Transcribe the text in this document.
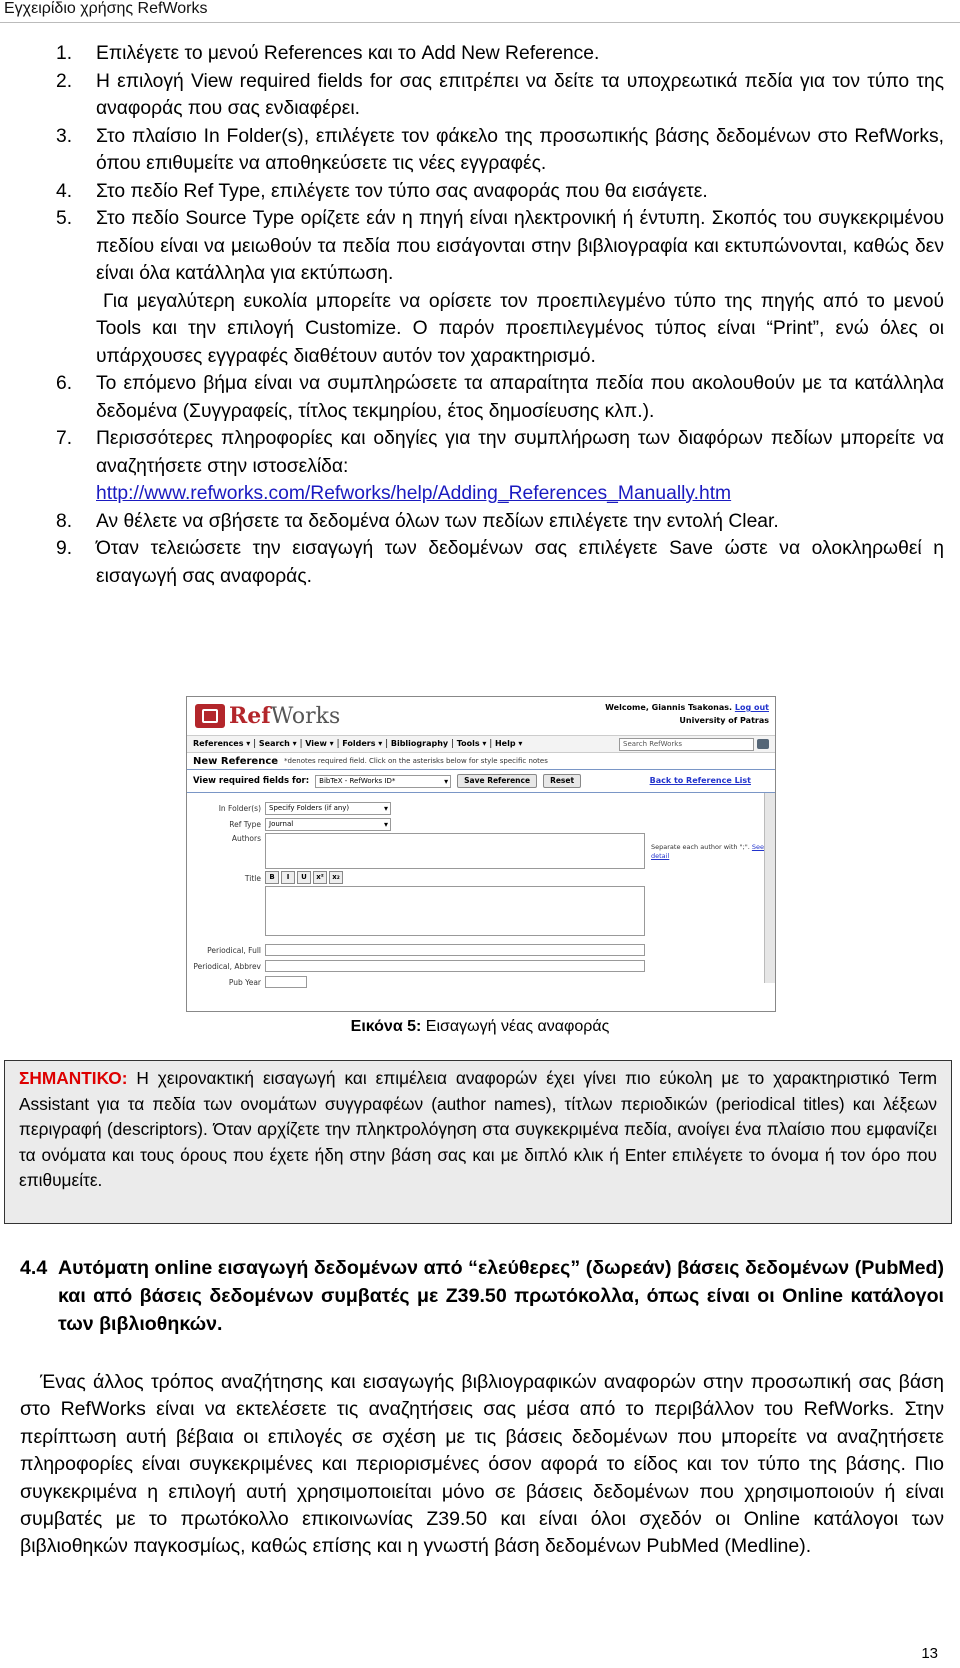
Εγχειρίδιο χρήσης RefWorks
1. Επιλέγετε το μενού References και το Add New Reference.

2. Η επιλογή View required fields for σας επιτρέπει να δείτε τα υποχρεωτικά πεδία για τον τύπο της αναφοράς που σας ενδιαφέρει.

3. Στο πλαίσιο In Folder(s), επιλέγετε τον φάκελο της προσωπικής βάσης δεδομένων στο RefWorks, όπου επιθυμείτε να αποθηκεύσετε τις νέες εγγραφές.

4. Στο πεδίο Ref Type, επιλέγετε τον τύπο σας αναφοράς που θα εισάγετε.

5. Στο πεδίο Source Type ορίζετε εάν η πηγή είναι ηλεκτρονική ή έντυπη. Σκοπός του συγκεκριμένου πεδίου είναι να μειωθούν τα πεδία που εισάγονται στην βιβλιογραφία και εκτυπώνονται, καθώς δεν είναι όλα κατάλληλα για εκτύπωση.

Για μεγαλύτερη ευκολία μπορείτε να ορίσετε τον προεπιλεγμένο τύπο της πηγής από το μενού Tools και την επιλογή Customize. Ο παρόν προεπιλεγμένος τύπος είναι “Print”, ενώ όλες οι υπάρχουσες εγγραφές διαθέτουν αυτόν τον χαρακτηρισμό.

6. Το επόμενο βήμα είναι να συμπληρώσετε τα απαραίτητα πεδία που ακολουθούν με τα κατάλληλα δεδομένα (Συγγραφείς, τίτλος τεκμηρίου, έτος δημοσίευσης κλπ.).

7. Περισσότερες πληροφορίες και οδηγίες για την συμπλήρωση των διαφόρων πεδίων μπορείτε να αναζητήσετε στην ιστοσελίδα:

http://www.refworks.com/Refworks/help/Adding_References_Manually.htm
8. Αν θέλετε να σβήσετε τα δεδομένα όλων των πεδίων επιλέγετε την εντολή Clear.

9. Όταν τελειώσετε την εισαγωγή των δεδομένων σας επιλέγετε Save ώστε να ολοκληρωθεί η εισαγωγή σας αναφοράς.

RefWorks	Welcome, Giannis Tsakonas. Log out
University of Patras
References ▾ | Search ▾ | View ▾ | Folders ▾ | Bibliography | Tools ▾ | Help ▾	Search RefWorks
New Reference *denotes required field. Click on the asterisks below for style specific notes
View required fields for:	BibTeX - RefWorks ID* ▾	Save Reference	Reset	Back to Reference List
In Folder(s)	Specify Folders (if any) ▾
Ref Type	Journal ▾
Authors
Separate each author with ";". See detail
Title	B	I	U	x²	x₂
Periodical, Full
Periodical, Abbrev
Pub Year
Εικόνα 5: Εισαγωγή νέας αναφοράς
ΣΗΜΑΝΤΙΚΟ: Η χειρονακτική εισαγωγή και επιμέλεια αναφορών έχει γίνει πιο εύκολη με το χαρακτηριστικό Term Assistant για τα πεδία των ονομάτων συγγραφέων (author names), τίτλων περιοδικών (periodical titles) και λέξεων περιγραφή (descriptors). Όταν αρχίζετε την πληκτρολόγηση στα συγκεκριμένα πεδία, ανοίγει ένα πλαίσιο που εμφανίζει τα ονόματα και τους όρους που έχετε ήδη στην βάση σας και με διπλό κλικ ή Enter επιλέγετε το όνομα ή τον όρο που επιθυμείτε.
4.4 Αυτόματη online εισαγωγή δεδομένων από “ελεύθερες” (δωρεάν) βάσεις δεδομένων (PubMed) και από βάσεις δεδομένων συμβατές με Z39.50 πρωτόκολλα, όπως είναι οι Online κατάλογοι των βιβλιοθηκών.

Ένας άλλος τρόπος αναζήτησης και εισαγωγής βιβλιογραφικών αναφορών στην προσωπική σας βάση στο RefWorks είναι να εκτελέσετε τις αναζητήσεις σας μέσα από το περιβάλλον του RefWorks. Στην περίπτωση αυτή βέβαια οι επιλογές σε σχέση με τις βάσεις δεδομένων που μπορείτε να αναζητήσετε πληροφορίες είναι συγκεκριμένες και περιορισμένες όσον αφορά το είδος και τον τύπο της βάσης. Πιο συγκεκριμένα η επιλογή αυτή χρησιμοποιείται μόνο σε βάσεις δεδομένων που χρησιμοποιούν ή είναι συμβατές με το πρωτόκολλο επικοινωνίας Z39.50 και είναι όλοι σχεδόν οι Online κατάλογοι των βιβλιοθηκών παγκοσμίως, καθώς επίσης και η γνωστή βάση δεδομένων PubMed (Medline).

13
